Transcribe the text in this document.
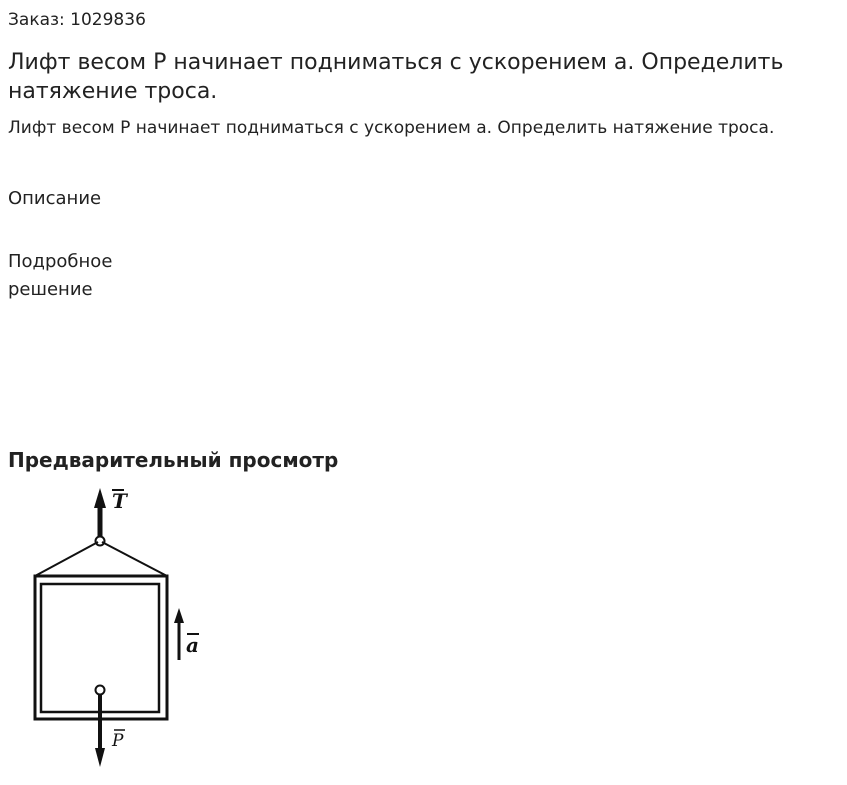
Заказ: 1029836
Лифт весом P начинает подниматься с ускорением a. Определить натяжение троса.

Лифт весом P начинает подниматься с ускорением a. Определить натяжение троса.

Описание
Подробное решение
Предварительный просмотр
T
P
a
